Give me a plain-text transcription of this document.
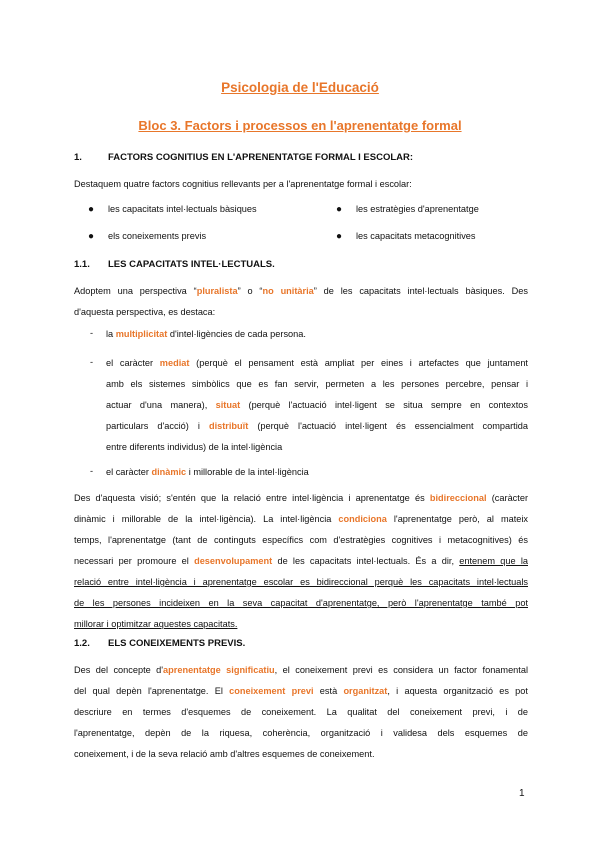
Psicologia de l'Educació
Bloc 3. Factors i processos en l'aprenentatge formal
1.	FACTORS COGNITIUS EN L'APRENENTATGE FORMAL I ESCOLAR:
Destaquem quatre factors cognitius rellevants per a l'aprenentatge formal i escolar:
● les capacitats intel·lectuals bàsiques	● les estratègies d'aprenentatge
● els coneixements previs	● les capacitats metacognitives
1.1. LES CAPACITATS INTEL·LECTUALS.
Adoptem una perspectiva “pluralista” o “no unitària” de les capacitats intel·lectuals bàsiques. Des
d'aquesta perspectiva, es destaca:
- la multiplicitat d'intel·ligències de cada persona.
- el caràcter mediat (perquè el pensament està ampliat per eines i artefactes que juntament
amb els sistemes simbòlics que es fan servir, permeten a les persones percebre, pensar i
actuar d'una manera), situat (perquè l'actuació intel·ligent se situa sempre en contextos
particulars d'acció) i distribuït (perquè l'actuació intel·ligent és essencialment compartida
entre diferents individus) de la intel·ligència
- el caràcter dinàmic i millorable de la intel·ligència
Des d'aquesta visió; s'entén que la relació entre intel·ligència i aprenentatge és bidireccional (caràcter
dinàmic i millorable de la intel·ligència). La intel·ligència condiciona l'aprenentatge però, al mateix
temps, l'aprenentatge (tant de continguts específics com d'estratègies cognitives i metacognitives) és
necessari per promoure el desenvolupament de les capacitats intel·lectuals. És a dir, entenem que la
relació entre intel·ligència i aprenentatge escolar es bidireccional perquè les capacitats intel·lectuals
de les persones incideixen en la seva capacitat d'aprenentatge, però l'aprenentatge també pot
millorar i optimitzar aquestes capacitats.
1.2. ELS CONEIXEMENTS PREVIS.
Des del concepte d'aprenentatge significatiu, el coneixement previ es considera un factor fonamental
del qual depèn l'aprenentatge. El coneixement previ està organitzat, i aquesta organització es pot
descriure en termes d'esquemes de coneixement. La qualitat del coneixement previ, i de
l'aprenentatge, depèn de la riquesa, coherència, organització i validesa dels esquemes de
coneixement, i de la seva relació amb d'altres esquemes de coneixement.
1
